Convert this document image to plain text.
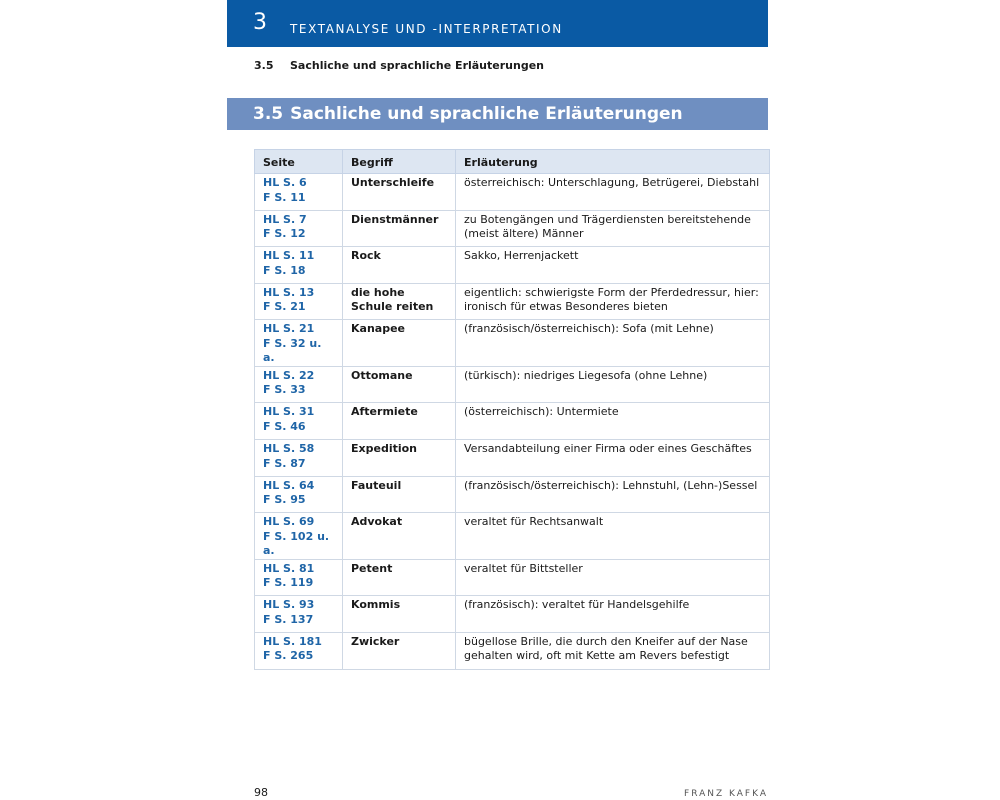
3 TEXTANALYSE UND -INTERPRETATION
3.5 Sachliche und sprachliche Erläuterungen
3.5 Sachliche und sprachliche Erläuterungen
Seite	Begriff	Erläuterung

HL S. 6
F S. 11	Unterschleife	österreichisch: Unterschlagung, Betrügerei, Diebstahl

HL S. 7
F S. 12	Dienstmänner	zu Botengängen und Trägerdiensten bereitstehende (meist ältere) Männer

HL S. 11
F S. 18	Rock	Sakko, Herrenjackett

HL S. 13
F S. 21	die hohe Schule reiten	eigentlich: schwierigste Form der Pferdedressur, hier: ironisch für etwas Besonderes bieten

HL S. 21
F S. 32 u. a.	Kanapee	(französisch/österreichisch): Sofa (mit Lehne)

HL S. 22
F S. 33	Ottomane	(türkisch): niedriges Liegesofa (ohne Lehne)

HL S. 31
F S. 46	Aftermiete	(österreichisch): Untermiete

HL S. 58
F S. 87	Expedition	Versandabteilung einer Firma oder eines Geschäftes

HL S. 64
F S. 95	Fauteuil	(französisch/österreichisch): Lehnstuhl, (Lehn-)Sessel

HL S. 69
F S. 102 u. a.	Advokat	veraltet für Rechtsanwalt

HL S. 81
F S. 119	Petent	veraltet für Bittsteller

HL S. 93
F S. 137	Kommis	(französisch): veraltet für Handelsgehilfe

HL S. 181
F S. 265	Zwicker	bügellose Brille, die durch den Kneifer auf der Nase gehalten wird, oft mit Kette am Revers befestigt
98	FRANZ KAFKA
